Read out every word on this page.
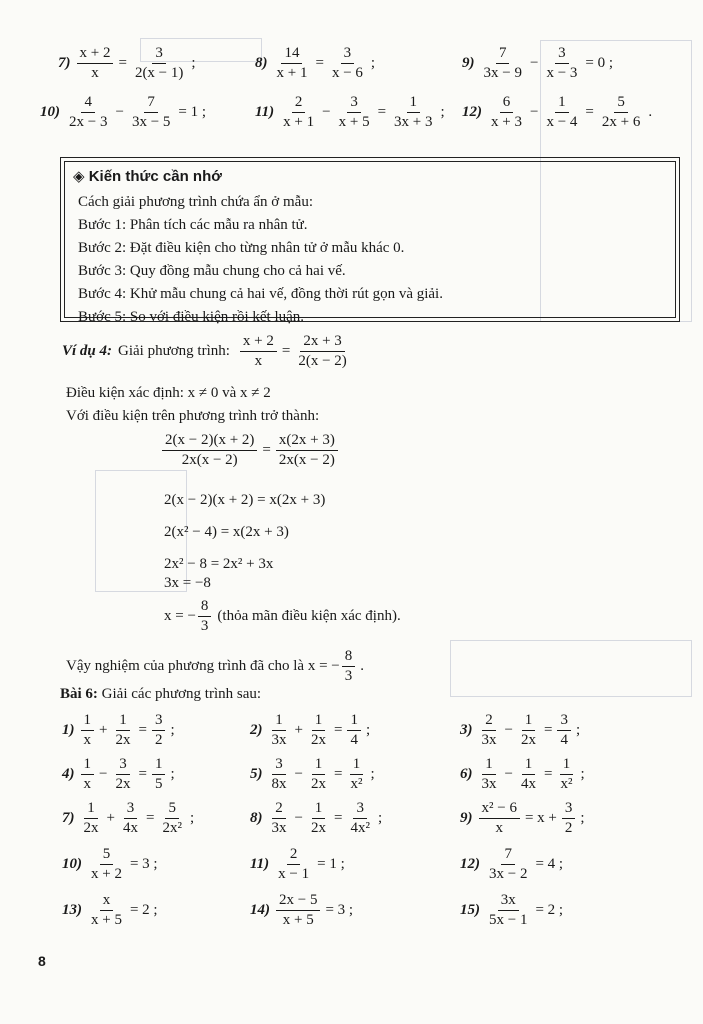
$7) \frac{x + 2}{x} = \frac{3}{2(x - 1)}$ ;	$8) \frac{14}{x + 1} = \frac{3}{x - 6}$ ;	$9) \frac{7}{3x - 9} - \frac{3}{x - 3} = 0$ ;
$10) \frac{4}{2x - 3} - \frac{7}{3x - 5} = 1$ ;	$11) \frac{2}{x + 1} - \frac{3}{x + 5} = \frac{1}{3x + 3}$ ; $12) \frac{6}{x + 3} - \frac{1}{x - 4} = \frac{5}{2x + 6}$ .
◈ Kiến thức cần nhớ
Cách giải phương trình chứa ẩn ở mẫu:
Bước 1: Phân tích các mẫu ra nhân tử.
Bước 2: Đặt điều kiện cho từng nhân tử ở mẫu khác 0.
Bước 3: Quy đồng mẫu chung cho cả hai vế.
Bước 4: Khử mẫu chung cả hai vế, đồng thời rút gọn và giải.
Bước 5: So với điều kiện rồi kết luận.
Ví dụ 4: Giải phương trình: $\frac{x + 2}{x} = \frac{2x + 3}{2(x - 2)}$
Điều kiện xác định: x ≠ 0 và x ≠ 2
Với điều kiện trên phương trình trở thành:
$\frac{2(x - 2)(x + 2)}{2x(x - 2)} = \frac{x(2x + 3)}{2x(x - 2)}$
2(x − 2)(x + 2) = x(2x + 3)
2(x² − 4) = x(2x + 3)
2x² − 8 = 2x² + 3x
3x = −8
x = − $\frac{8}{3}$ (thỏa mãn điều kiện xác định).
Vậy nghiệm của phương trình đã cho là x = − $\frac{8}{3}$ .
Bài 6: Giải các phương trình sau:
$1) \frac{1}{x} + \frac{1}{2x} = \frac{3}{2}$ ;	$2) \frac{1}{3x} + \frac{1}{2x} = \frac{1}{4}$ ;	$3) \frac{2}{3x} - \frac{1}{2x} = \frac{3}{4}$ ;
$4) \frac{1}{x} - \frac{3}{2x} = \frac{1}{5}$ ;	$5) \frac{3}{8x} - \frac{1}{2x} = \frac{1}{\text{x²}}$ ;	$6) \frac{1}{3x} - \frac{1}{4x} = \frac{1}{\text{x²}}$ ;
$7) \frac{1}{2x} + \frac{3}{4x} = \frac{5}{\text{2x²}}$ ;	$8) \frac{2}{3x} - \frac{1}{2x} = \frac{3}{\text{4x²}}$ ;	$9) \frac{\text{x² − 6}}{x} = x + \frac{3}{2}$ ;
$10) \frac{5}{x + 2} = 3$ ;	$11) \frac{2}{x - 1} = 1$ ;	$12) \frac{7}{3x - 2} = 4$ ;
$13) \frac{x}{x + 5} = 2$ ;	$14) \frac{2x - 5}{x + 5} = 3$ ;	$15) \frac{3x}{5x - 1} = 2$ ;
8
